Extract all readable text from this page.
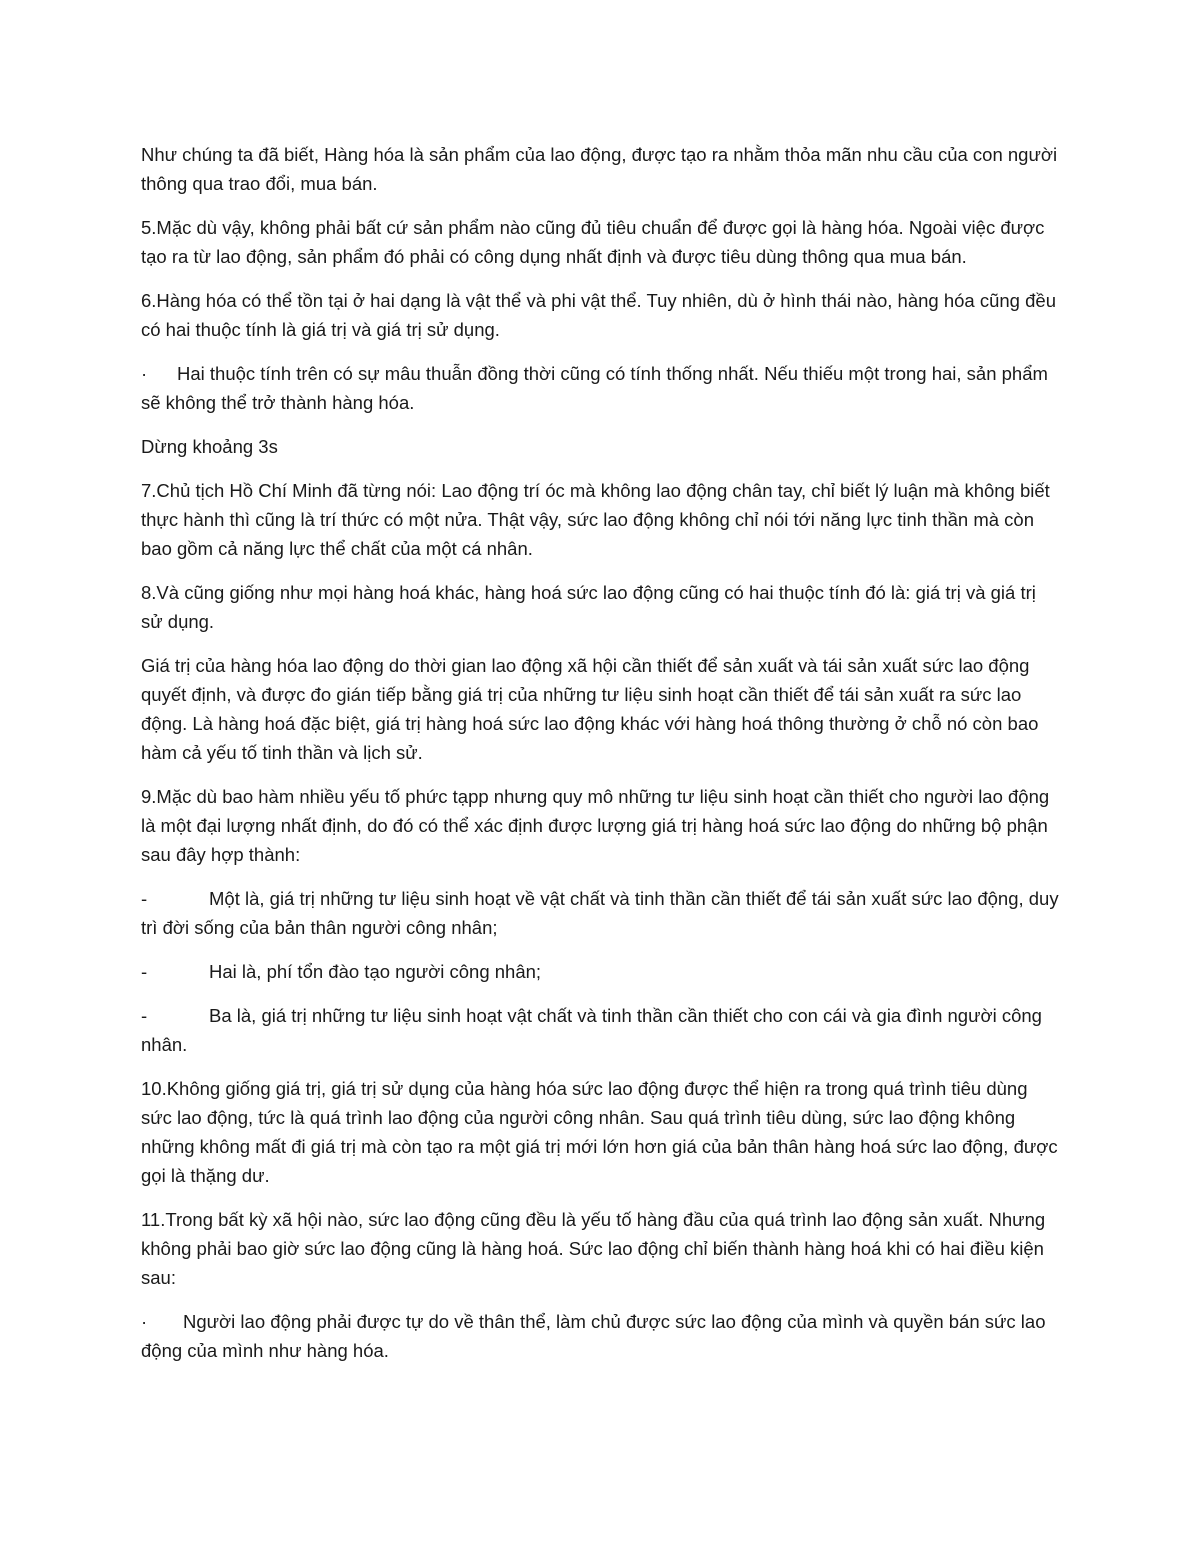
Như chúng ta đã biết, Hàng hóa là sản phẩm của lao động, được tạo ra nhằm thỏa mãn nhu cầu của con người thông qua trao đổi, mua bán.

5.Mặc dù vậy, không phải bất cứ sản phẩm nào cũng đủ tiêu chuẩn để được gọi là hàng hóa. Ngoài việc được tạo ra từ lao động, sản phẩm đó phải có công dụng nhất định và được tiêu dùng thông qua mua bán.

6.Hàng hóa có thể tồn tại ở hai dạng là vật thể và phi vật thể. Tuy nhiên, dù ở hình thái nào, hàng hóa cũng đều có hai thuộc tính là giá trị và giá trị sử dụng.

· Hai thuộc tính trên có sự mâu thuẫn đồng thời cũng có tính thống nhất. Nếu thiếu một trong hai, sản phẩm sẽ không thể trở thành hàng hóa.

Dừng khoảng 3s

7.Chủ tịch Hồ Chí Minh đã từng nói: Lao động trí óc mà không lao động chân tay, chỉ biết lý luận mà không biết thực hành thì cũng là trí thức có một nửa. Thật vậy, sức lao động không chỉ nói tới năng lực tinh thần mà còn bao gồm cả năng lực thể chất của một cá nhân.

8.Và cũng giống như mọi hàng hoá khác, hàng hoá sức lao động cũng có hai thuộc tính đó là: giá trị và giá trị sử dụng.

Giá trị của hàng hóa lao động do thời gian lao động xã hội cần thiết để sản xuất và tái sản xuất sức lao động quyết định, và được đo gián tiếp bằng giá trị của những tư liệu sinh hoạt cần thiết để tái sản xuất ra sức lao động. Là hàng hoá đặc biệt, giá trị hàng hoá sức lao động khác với hàng hoá thông thường ở chỗ nó còn bao hàm cả yếu tố tinh thần và lịch sử.

9.Mặc dù bao hàm nhiều yếu tố phức tạpp nhưng quy mô những tư liệu sinh hoạt cần thiết cho người lao động là một đại lượng nhất định, do đó có thể xác định được lượng giá trị hàng hoá sức lao động do những bộ phận sau đây hợp thành:

-	Một là, giá trị những tư liệu sinh hoạt về vật chất và tinh thần cần thiết để tái sản xuất sức lao động, duy trì đời sống của bản thân người công nhân;

-	Hai là, phí tổn đào tạo người công nhân;

-	Ba là, giá trị những tư liệu sinh hoạt vật chất và tinh thần cần thiết cho con cái và gia đình người công nhân.

10.Không giống giá trị, giá trị sử dụng của hàng hóa sức lao động được thể hiện ra trong quá trình tiêu dùng sức lao động, tức là quá trình lao động của người công nhân. Sau quá trình tiêu dùng, sức lao động không những không mất đi giá trị mà còn tạo ra một giá trị mới lớn hơn giá của bản thân hàng hoá sức lao động, được gọi là thặng dư.

11.Trong bất kỳ xã hội nào, sức lao động cũng đều là yếu tố hàng đầu của quá trình lao động sản xuất. Nhưng không phải bao giờ sức lao động cũng là hàng hoá. Sức lao động chỉ biến thành hàng hoá khi có hai điều kiện sau:

· Người lao động phải được tự do về thân thể, làm chủ được sức lao động của mình và quyền bán sức lao động của mình như hàng hóa.
